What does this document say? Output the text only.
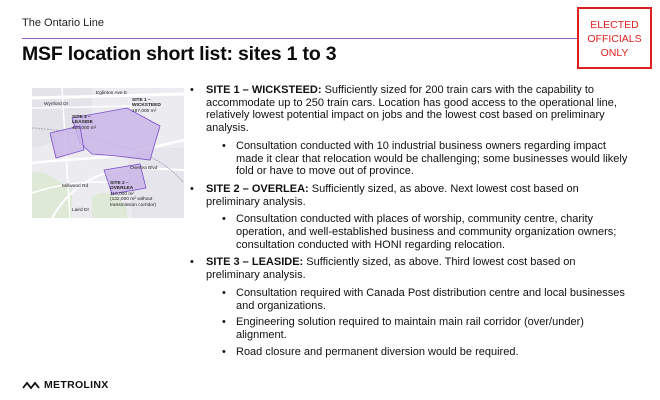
The Ontario Line
MSF location short list: sites 1 to 3
ELECTED
OFFICIALS
ONLY
Eglinton Ave E
Wynford Dr
Overlea Blvd
Millwood Rd
Laird Dr
SITE 1 –
WICKSTEED
197,000 m²
SITE 3 –
LEASIDE
420,000 m²
SITE 2 –
OVERLEA
110,000 m²
(132,000 m² without transmission corridor)
• SITE 1 – WICKSTEED: Sufficiently sized for 200 train cars with the capability to accommodate up to 250 train cars. Location has good access to the operational line, relatively lowest potential impact on jobs and the lowest cost based on preliminary analysis.
• Consultation conducted with 10 industrial business owners regarding impact made it clear that relocation would be challenging; some businesses would likely fold or have to move out of province.
• SITE 2 – OVERLEA: Sufficiently sized, as above. Next lowest cost based on preliminary analysis.
• Consultation conducted with places of worship, community centre, charity operation, and well-established business and community organization owners; consultation conducted with HONI regarding relocation.
• SITE 3 – LEASIDE: Sufficiently sized, as above. Third lowest cost based on preliminary analysis.
• Consultation required with Canada Post distribution centre and local businesses and organizations.
• Engineering solution required to maintain main rail corridor (over/under) alignment.
• Road closure and permanent diversion would be required.
METROLINX
